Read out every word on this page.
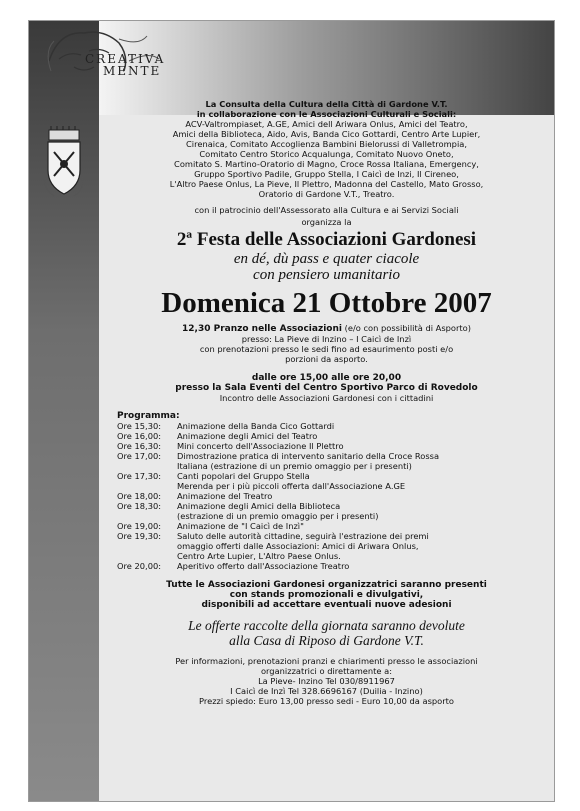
CREATIVA
MENTE
La Consulta della Cultura della Città di Gardone V.T.
in collaborazione con le Associazioni Culturali e Sociali:
ACV-Valtrompiaset, A.GE, Amici dell Ariwara Onlus, Amici del Teatro,
Amici della Biblioteca, Aido, Avis, Banda Cico Gottardi, Centro Arte Lupier,
Cirenaica, Comitato Accoglienza Bambini Bielorussi di Valletrompia,
Comitato Centro Storico Acqualunga, Comitato Nuovo Oneto,
Comitato S. Martino-Oratorio di Magno, Croce Rossa Italiana, Emergency,
Gruppo Sportivo Padile, Gruppo Stella, I Caicì de Inzi, Il Cireneo,
L'Altro Paese Onlus, La Pieve, Il Plettro, Madonna del Castello, Mato Grosso,
Oratorio di Gardone V.T., Treatro.
con il patrocinio dell'Assessorato alla Cultura e ai Servizi Sociali
organizza la
2ª Festa delle Associazioni Gardonesi
en dé, dù pass e quater ciacole
con pensiero umanitario
Domenica 21 Ottobre 2007
12,30 Pranzo nelle Associazioni (e/o con possibilità di Asporto)
presso: La Pieve di Inzino – I Caicì de Inzì
con prenotazioni presso le sedi fino ad esaurimento posti e/o
porzioni da asporto.
dalle ore 15,00 alle ore 20,00
presso la Sala Eventi del Centro Sportivo Parco di Rovedolo
Incontro delle Associazioni Gardonesi con i cittadini
Programma:
Ore 15,30:	Animazione della Banda Cico Gottardi
Ore 16,00:	Animazione degli Amici del Teatro
Ore 16,30:	Mini concerto dell'Associazione Il Plettro
Ore 17,00:	Dimostrazione pratica di intervento sanitario della Croce Rossa
Italiana (estrazione di un premio omaggio per i presenti)
Ore 17,30:	Canti popolari del Gruppo Stella
Merenda per i più piccoli offerta dall'Associazione A.GE
Ore 18,00:	Animazione del Treatro
Ore 18,30:	Animazione degli Amici della Biblioteca
(estrazione di un premio omaggio per i presenti)
Ore 19,00:	Animazione de "I Caicì de Inzì"
Ore 19,30:	Saluto delle autorità cittadine, seguirà l'estrazione dei premi
omaggio offerti dalle Associazioni: Amici di Ariwara Onlus,
Centro Arte Lupier, L'Altro Paese Onlus.
Ore 20,00:	Aperitivo offerto dall'Associazione Treatro
Tutte le Associazioni Gardonesi organizzatrici saranno presenti
con stands promozionali e divulgativi,
disponibili ad accettare eventuali nuove adesioni
Le offerte raccolte della giornata saranno devolute
alla Casa di Riposo di Gardone V.T.
Per informazioni, prenotazioni pranzi e chiarimenti presso le associazioni
organizzatrici o direttamente a:
La Pieve- Inzino Tel 030/8911967
I Caicì de Inzì Tel 328.6696167 (Duilia - Inzino)
Prezzi spiedo: Euro 13,00 presso sedi - Euro 10,00 da asporto
